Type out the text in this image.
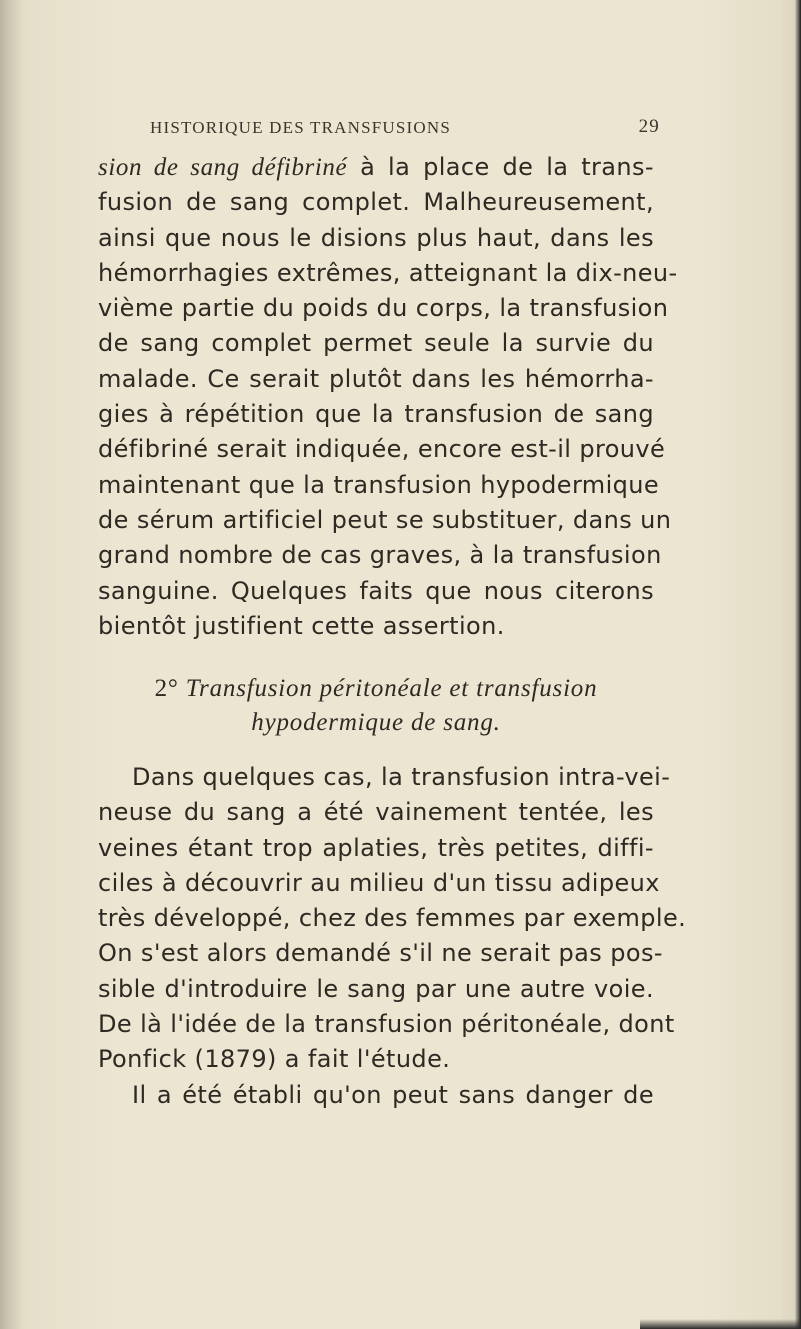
HISTORIQUE DES TRANSFUSIONS	29
sion de sang défibriné à la place de la trans-
fusion de sang complet. Malheureusement,
ainsi que nous le disions plus haut, dans les
hémorrhagies extrêmes, atteignant la dix-neu-
vième partie du poids du corps, la transfusion
de sang complet permet seule la survie du
malade. Ce serait plutôt dans les hémorrha-
gies à répétition que la transfusion de sang
défibriné serait indiquée, encore est-il prouvé
maintenant que la transfusion hypodermique
de sérum artificiel peut se substituer, dans un
grand nombre de cas graves, à la transfusion
sanguine. Quelques faits que nous citerons
bientôt justifient cette assertion.
2° Transfusion péritonéale et transfusion
hypodermique de sang.
Dans quelques cas, la transfusion intra-vei-
neuse du sang a été vainement tentée, les
veines étant trop aplaties, très petites, diffi-
ciles à découvrir au milieu d'un tissu adipeux
très développé, chez des femmes par exemple.
On s'est alors demandé s'il ne serait pas pos-
sible d'introduire le sang par une autre voie.
De là l'idée de la transfusion péritonéale, dont
Ponfick (1879) a fait l'étude.
Il a été établi qu'on peut sans danger de
